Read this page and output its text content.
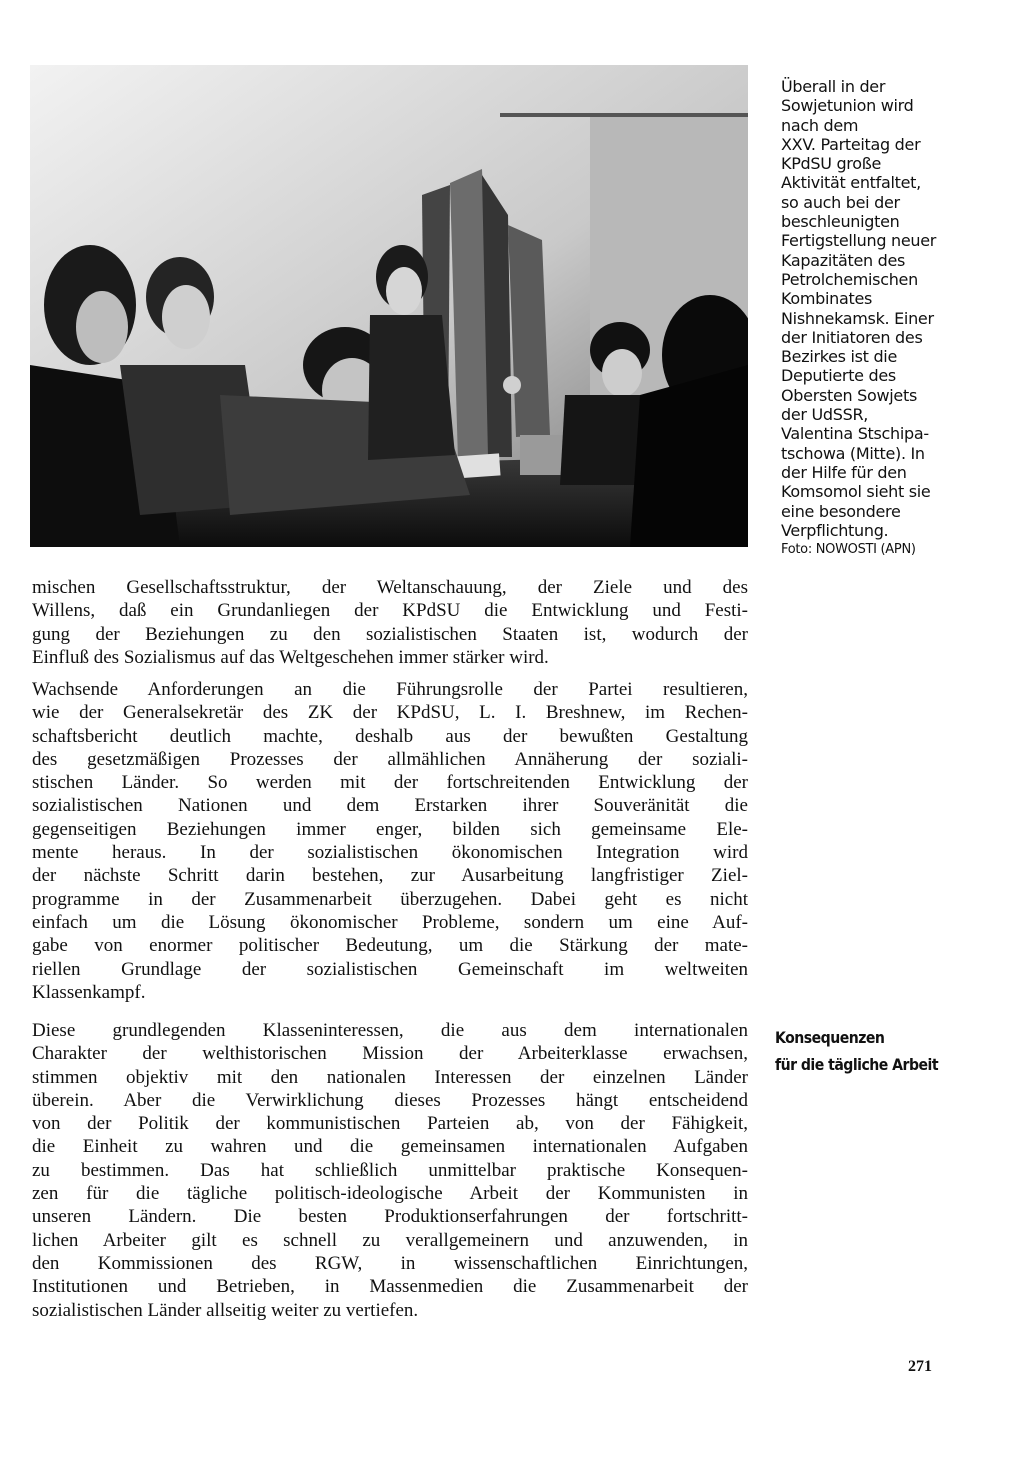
Überall in der
Sowjetunion wird
nach dem
XXV. Parteitag der
KPdSU große
Aktivität entfaltet,
so auch bei der
beschleunigten
Fertigstellung neuer
Kapazitäten des
Petrolchemischen
Kombinates
Nishnekamsk. Einer
der Initiatoren des
Bezirkes ist die
Deputierte des
Obersten Sowjets
der UdSSR,
Valentina Stschipa-
tschowa (Mitte). In
der Hilfe für den
Komsomol sieht sie
eine besondere
Verpflichtung.
Foto: NOWOSTI (APN)
mischen Gesellschaftsstruktur, der Weltanschauung, der Ziele und des
Willens, daß ein Grundanliegen der KPdSU die Entwicklung und Festi-
gung der Beziehungen zu den sozialistischen Staaten ist, wodurch der
Einfluß des Sozialismus auf das Weltgeschehen immer stärker wird.
Wachsende Anforderungen an die Führungsrolle der Partei resultieren,
wie der Generalsekretär des ZK der KPdSU, L. I. Breshnew, im Rechen-
schaftsbericht deutlich machte, deshalb aus der bewußten Gestaltung
des gesetzmäßigen Prozesses der allmählichen Annäherung der soziali-
stischen Länder. So werden mit der fortschreitenden Entwicklung der
sozialistischen Nationen und dem Erstarken ihrer Souveränität die
gegenseitigen Beziehungen immer enger, bilden sich gemeinsame Ele-
mente heraus. In der sozialistischen ökonomischen Integration wird
der nächste Schritt darin bestehen, zur Ausarbeitung langfristiger Ziel-
programme in der Zusammenarbeit überzugehen. Dabei geht es nicht
einfach um die Lösung ökonomischer Probleme, sondern um eine Auf-
gabe von enormer politischer Bedeutung, um die Stärkung der mate-
riellen Grundlage der sozialistischen Gemeinschaft im weltweiten
Klassenkampf.
Diese grundlegenden Klasseninteressen, die aus dem internationalen
Charakter der welthistorischen Mission der Arbeiterklasse erwachsen,
stimmen objektiv mit den nationalen Interessen der einzelnen Länder
überein. Aber die Verwirklichung dieses Prozesses hängt entscheidend
von der Politik der kommunistischen Parteien ab, von der Fähigkeit,
die Einheit zu wahren und die gemeinsamen internationalen Aufgaben
zu bestimmen. Das hat schließlich unmittelbar praktische Konsequen-
zen für die tägliche politisch-ideologische Arbeit der Kommunisten in
unseren Ländern. Die besten Produktionserfahrungen der fortschritt-
lichen Arbeiter gilt es schnell zu verallgemeinern und anzuwenden, in
den Kommissionen des RGW, in wissenschaftlichen Einrichtungen,
Institutionen und Betrieben, in Massenmedien die Zusammenarbeit der
sozialistischen Länder allseitig weiter zu vertiefen.
Konsequenzen
für die tägliche Arbeit
271
